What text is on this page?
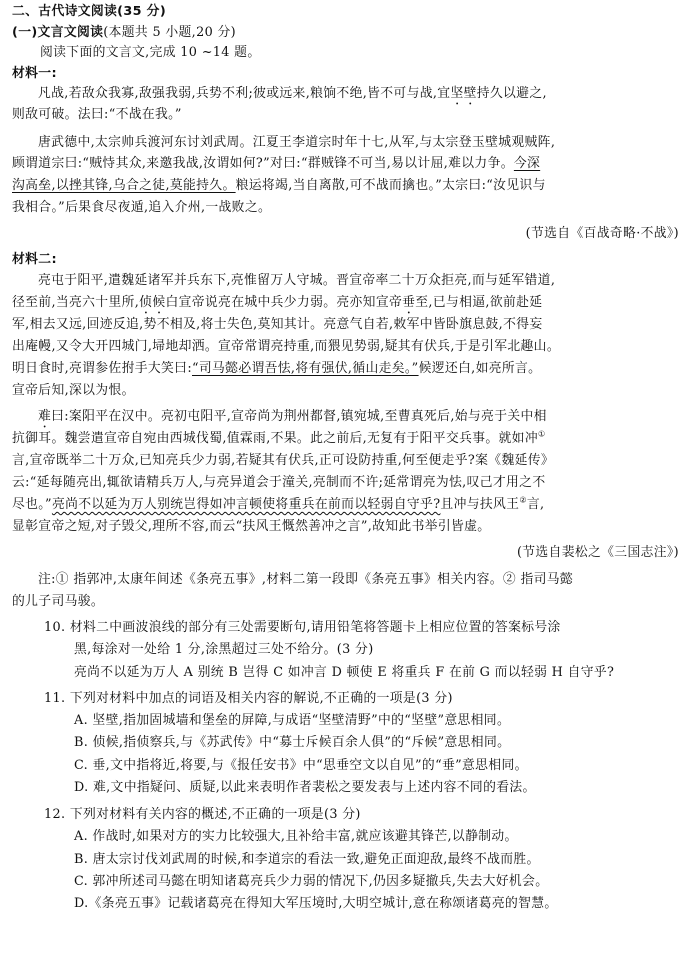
二、古代诗文阅读(35 分)
(一)文言文阅读(本题共 5 小题,20 分)
阅读下面的文言文,完成 10 ~14 题。
材料一:
凡战,若敌众我寡,敌强我弱,兵势不利;彼或远来,粮饷不绝,皆不可与战,宜坚壁持久以避之,
则敌可破。法曰:“不战在我。”
唐武德中,太宗帅兵渡河东讨刘武周。江夏王李道宗时年十七,从军,与太宗登玉壁城观贼阵,
顾谓道宗曰:“贼恃其众,来邀我战,汝谓如何?”对曰:“群贼锋不可当,易以计屈,难以力争。今深
沟高垒,以挫其锋,乌合之徒,莫能持久。粮运将竭,当自离散,可不战而擒也。”太宗曰:“汝见识与
我相合。”后果食尽夜遁,追入介州,一战败之。
(节选自《百战奇略·不战》)
材料二:
亮屯于阳平,遣魏延诸军并兵东下,亮惟留万人守城。晋宣帝率二十万众拒亮,而与延军错道,
径至前,当亮六十里所,侦候白宣帝说亮在城中兵少力弱。亮亦知宣帝垂至,已与相逼,欲前赴延
军,相去又远,回迹反追,势不相及,将士失色,莫知其计。亮意气自若,敕军中皆卧旗息鼓,不得妄
出庵幔,又令大开四城门,埽地却洒。宣帝常谓亮持重,而猥见势弱,疑其有伏兵,于是引军北趣山。
明日食时,亮谓参佐拊手大笑曰:“司马懿必谓吾怯,将有强伏,循山走矣。”候逻还白,如亮所言。
宣帝后知,深以为恨。
难曰:案阳平在汉中。亮初屯阳平,宣帝尚为荆州都督,镇宛城,至曹真死后,始与亮于关中相
抗御耳。魏尝遣宣帝自宛由西城伐蜀,值霖雨,不果。此之前后,无复有于阳平交兵事。就如冲①
言,宣帝既举二十万众,已知亮兵少力弱,若疑其有伏兵,正可设防持重,何至便走乎?案《魏延传》
云:“延每随亮出,辄欲请精兵万人,与亮异道会于潼关,亮制而不许;延常谓亮为怯,叹己才用之不
尽也。”亮尚不以延为万人别统岂得如冲言顿使将重兵在前而以轻弱自守乎?且冲与扶风王②言,
显彰宣帝之短,对子毁父,理所不容,而云“扶风王慨然善冲之言”,故知此书举引皆虚。
(节选自裴松之《三国志注》)
注:① 指郭冲,太康年间述《条亮五事》,材料二第一段即《条亮五事》相关内容。② 指司马懿
的儿子司马骏。
10. 材料二中画波浪线的部分有三处需要断句,请用铅笔将答题卡上相应位置的答案标号涂
黑,每涂对一处给 1 分,涂黑超过三处不给分。(3 分)
亮尚不以延为万人 A 别统 B 岂得 C 如冲言 D 顿使 E 将重兵 F 在前 G 而以轻弱 H 自守乎?
11. 下列对材料中加点的词语及相关内容的解说,不正确的一项是(3 分)
A. 坚壁,指加固城墙和堡垒的屏障,与成语“坚壁清野”中的“坚壁”意思相同。
B. 侦候,指侦察兵,与《苏武传》中“募士斥候百余人俱”的“斥候”意思相同。
C. 垂,文中指将近,将要,与《报任安书》中“思垂空文以自见”的“垂”意思相同。
D. 难,文中指疑问、质疑,以此来表明作者裴松之要发表与上述内容不同的看法。
12. 下列对材料有关内容的概述,不正确的一项是(3 分)
A. 作战时,如果对方的实力比较强大,且补给丰富,就应该避其锋芒,以静制动。
B. 唐太宗讨伐刘武周的时候,和李道宗的看法一致,避免正面迎敌,最终不战而胜。
C. 郭冲所述司马懿在明知诸葛亮兵少力弱的情况下,仍因多疑撤兵,失去大好机会。
D.《条亮五事》记载诸葛亮在得知大军压境时,大明空城计,意在称颂诸葛亮的智慧。
